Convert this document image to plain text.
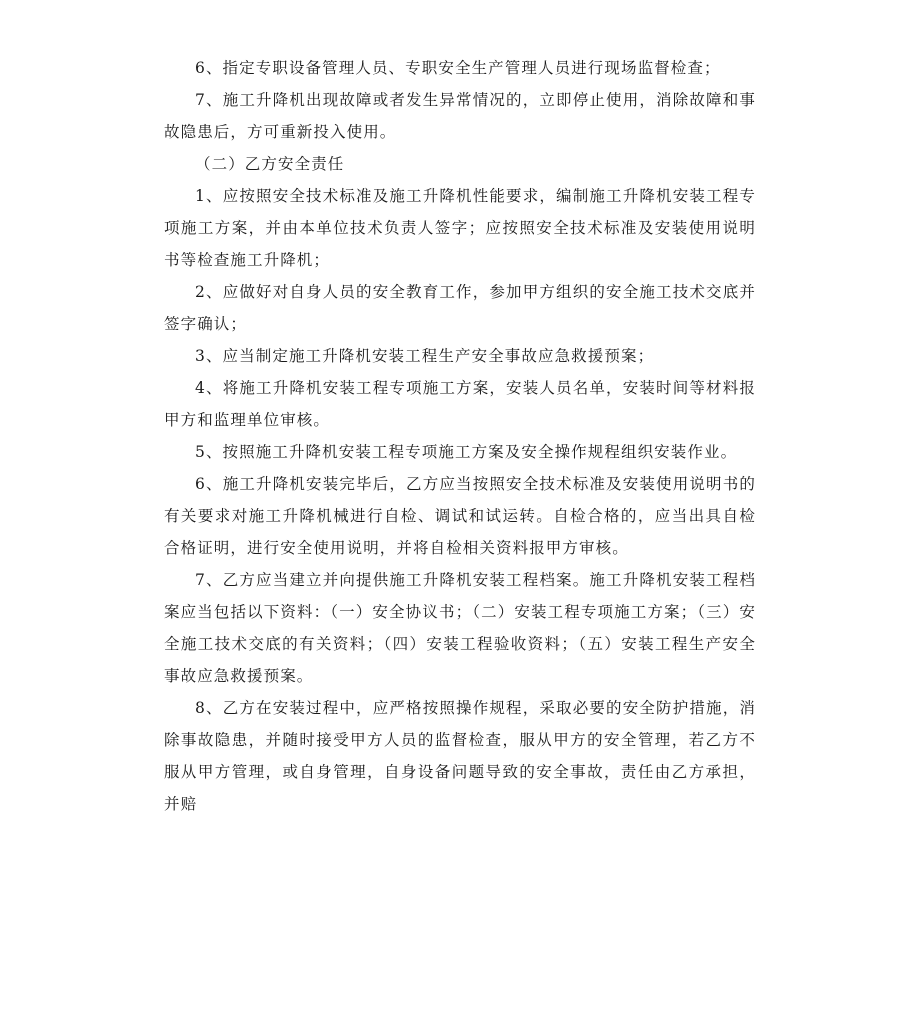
6、指定专职设备管理人员、专职安全生产管理人员进行现场监督检查；

7、施工升降机出现故障或者发生异常情况的，立即停止使用，消除故障和事故隐患后，方可重新投入使用。

（二）乙方安全责任

1、应按照安全技术标准及施工升降机性能要求，编制施工升降机安装工程专项施工方案，并由本单位技术负责人签字；应按照安全技术标准及安装使用说明书等检查施工升降机；

2、应做好对自身人员的安全教育工作，参加甲方组织的安全施工技术交底并签字确认；

3、应当制定施工升降机安装工程生产安全事故应急救援预案；

4、将施工升降机安装工程专项施工方案，安装人员名单，安装时间等材料报甲方和监理单位审核。

5、按照施工升降机安装工程专项施工方案及安全操作规程组织安装作业。

6、施工升降机安装完毕后，乙方应当按照安全技术标准及安装使用说明书的有关要求对施工升降机械进行自检、调试和试运转。自检合格的，应当出具自检合格证明，进行安全使用说明，并将自检相关资料报甲方审核。

7、乙方应当建立并向提供施工升降机安装工程档案。施工升降机安装工程档案应当包括以下资料：（一）安全协议书；（二）安装工程专项施工方案；（三）安全施工技术交底的有关资料；（四）安装工程验收资料；（五）安装工程生产安全事故应急救援预案。

8、乙方在安装过程中，应严格按照操作规程，采取必要的安全防护措施，消除事故隐患，并随时接受甲方人员的监督检查，服从甲方的安全管理，若乙方不服从甲方管理，或自身管理，自身设备问题导致的安全事故，责任由乙方承担，并赔
